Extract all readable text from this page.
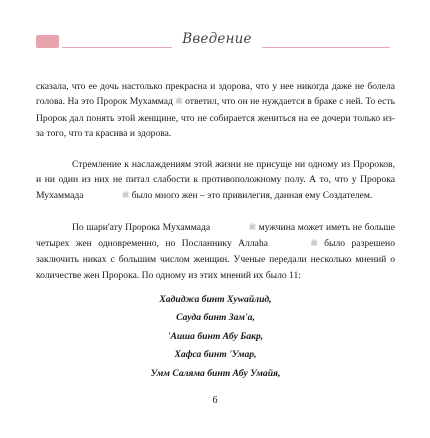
Введение

сказала, что ее дочь настолько прекрасна и здорова, что у нее никогда даже не болела голова. На это Пророк Мухаммад ﷺ ответил, что он не нуждается в браке с ней. То есть Пророк дал понять этой женщине, что не собирается жениться на ее дочери только из-за того, что та красива и здорова.

Стремление к наслаждениям этой жизни не присуще ни одному из Пророков, и ни один из них не питал слабости к противоположному полу. А то, что у Пророка Мухаммада	ﷺ было много жен – это привилегия, данная ему Создателем.

По шари'ату Пророка Мухаммада	ﷺ мужчина может иметь не больше четырех жен одновременно, но Посланнику Аллаhа	ﷺ было разрешено заключить никах с большим числом женщин. Ученые передали несколько мнений о количестве жен Пророка. По одному из этих мнений их было 11:

Хадиджа бинт Хуwайлид,
Сауда бинт Зам'а,
'Аиша бинт Абу Бакр,
Хафса бинт 'Умар,
Умм Саляма бинт Абу Умайя,
6
